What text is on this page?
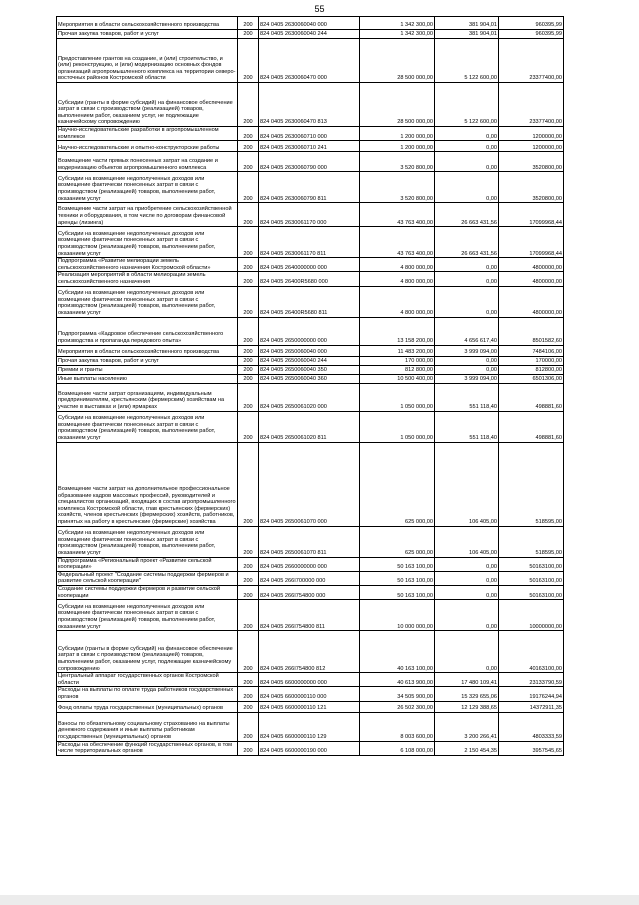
55
Мероприятия в области сельскохозяйственного производства	200	824 0405 2630060040 000	1 342 300,00	381 904,01	960395,99
Прочая закупка товаров, работ и услуг	200	824 0405 2630060040 244	1 342 300,00	381 904,01	960395,99
Предоставление грантов на создание, и (или) строительство, и (или) реконструкцию, и (или) модернизацию основных фондов организаций агропромышленного комплекса на территории северо-восточных районов Костромской области	200	824 0405 2630060470 000	28 500 000,00	5 122 600,00	23377400,00
Субсидии (гранты в форме субсидий) на финансовое обеспечение затрат в связи с производством (реализацией) товаров, выполнением работ, оказанием услуг, не подлежащие казначейскому сопровождению	200	824 0405 2630060470 813	28 500 000,00	5 122 600,00	23377400,00
Научно-исследовательские разработки в агропромышленном комплексе	200	824 0405 2630060710 000	1 200 000,00	0,00	1200000,00
Научно-исследовательские и опытно-конструкторские работы	200	824 0405 2630060710 241	1 200 000,00	0,00	1200000,00
Возмещение части прямых понесенных затрат на создание и модернизацию объектов агропромышленного комплекса	200	824 0405 2630060790 000	3 520 800,00	0,00	3520800,00
Субсидии на возмещение недополученных доходов или возмещение фактически понесенных затрат в связи с производством (реализацией) товаров, выполнением работ, оказанием услуг	200	824 0405 2630060790 811	3 520 800,00	0,00	3520800,00
Возмещение части затрат на приобретение сельскохозяйственной техники и оборудования, в том числе по договорам финансовой аренды (лизинга)	200	824 0405 2630061170 000	43 763 400,00	26 663 431,56	17099968,44
Субсидии на возмещение недополученных доходов или возмещение фактически понесенных затрат в связи с производством (реализацией) товаров, выполнением работ, оказанием услуг	200	824 0405 2630061170 811	43 763 400,00	26 663 431,56	17099968,44
Подпрограмма «Развитие мелиорации земель сельскохозяйственного назначения Костромской области»	200	824 0405 2640000000 000	4 800 000,00	0,00	4800000,00
Реализация мероприятий в области мелиорации земель сельскохозяйственного назначения	200	824 0405 26400R5680 000	4 800 000,00	0,00	4800000,00
Субсидии на возмещение недополученных доходов или возмещение фактически понесенных затрат в связи с производством (реализацией) товаров, выполнением работ, оказанием услуг	200	824 0405 26400R5680 811	4 800 000,00	0,00	4800000,00
Подпрограмма «Кадровое обеспечение сельскохозяйственного производства и пропаганда передового опыта»	200	824 0405 2650000000 000	13 158 200,00	4 656 617,40	8501582,60
Мероприятия в области сельскохозяйственного производства	200	824 0405 2650060040 000	11 483 200,00	3 999 094,00	7484106,00
Прочая закупка товаров, работ и услуг	200	824 0405 2650060040 244	170 000,00	0,00	170000,00
Премии и гранты	200	824 0405 2650060040 350	812 800,00	0,00	812800,00
Иные выплаты населению	200	824 0405 2650060040 360	10 500 400,00	3 999 094,00	6501306,00
Возмещение части затрат организациям, индивидуальным предпринимателям, крестьянским (фермерским) хозяйствам на участие в выставках и (или) ярмарках	200	824 0405 2650061020 000	1 050 000,00	551 118,40	498881,60
Субсидии на возмещение недополученных доходов или возмещение фактически понесенных затрат в связи с производством (реализацией) товаров, выполнением работ, оказанием услуг	200	824 0405 2650061020 811	1 050 000,00	551 118,40	498881,60
Возмещение части затрат на дополнительное профессиональное образование кадров массовых профессий, руководителей и специалистов организаций, входящих в состав агропромышленного комплекса Костромской области, глав крестьянских (фермерских) хозяйств, членов крестьянских (фермерских) хозяйств, работников, принятых на работу в крестьянские (фермерские) хозяйства	200	824 0405 2650061070 000	625 000,00	106 405,00	518595,00
Субсидии на возмещение недополученных доходов или возмещение фактически понесенных затрат в связи с производством (реализацией) товаров, выполнением работ, оказанием услуг	200	824 0405 2650061070 811	625 000,00	106 405,00	518595,00
Подпрограмма «Региональный проект «Развитие сельской кооперации»	200	824 0405 2660000000 000	50 163 100,00	0,00	50163100,00
Федеральный проект "Создание системы поддержки фермеров и развитие сельской кооперации"	200	824 0405 266I700000 000	50 163 100,00	0,00	50163100,00
Создание системы поддержки фермеров и развитие сельской кооперации	200	824 0405 266I754800 000	50 163 100,00	0,00	50163100,00
Субсидии на возмещение недополученных доходов или возмещение фактически понесенных затрат в связи с производством (реализацией) товаров, выполнением работ, оказанием услуг	200	824 0405 266I754800 811	10 000 000,00	0,00	10000000,00
Субсидии (гранты в форме субсидий) на финансовое обеспечение затрат в связи с производством (реализацией) товаров, выполнением работ, оказанием услуг, подлежащие казначейскому сопровождению	200	824 0405 266I754800 812	40 163 100,00	0,00	40163100,00
Центральный аппарат государственных органов Костромской области	200	824 0405 6600000000 000	40 613 900,00	17 480 109,41	23133790,59
Расходы на выплаты по оплате труда работников государственных органов	200	824 0405 6600000110 000	34 505 900,00	15 329 655,06	19176244,94
Фонд оплаты труда государственных (муниципальных) органов	200	824 0405 6600000110 121	26 502 300,00	12 129 388,65	14372911,35
Взносы по обязательному социальному страхованию на выплаты денежного содержания и иные выплаты работникам государственных (муниципальных) органов	200	824 0405 6600000110 129	8 003 600,00	3 200 266,41	4803333,59
Расходы на обеспечение функций государственных органов, в том числе территориальных органов	200	824 0405 6600000190 000	6 108 000,00	2 150 454,35	3957545,65
